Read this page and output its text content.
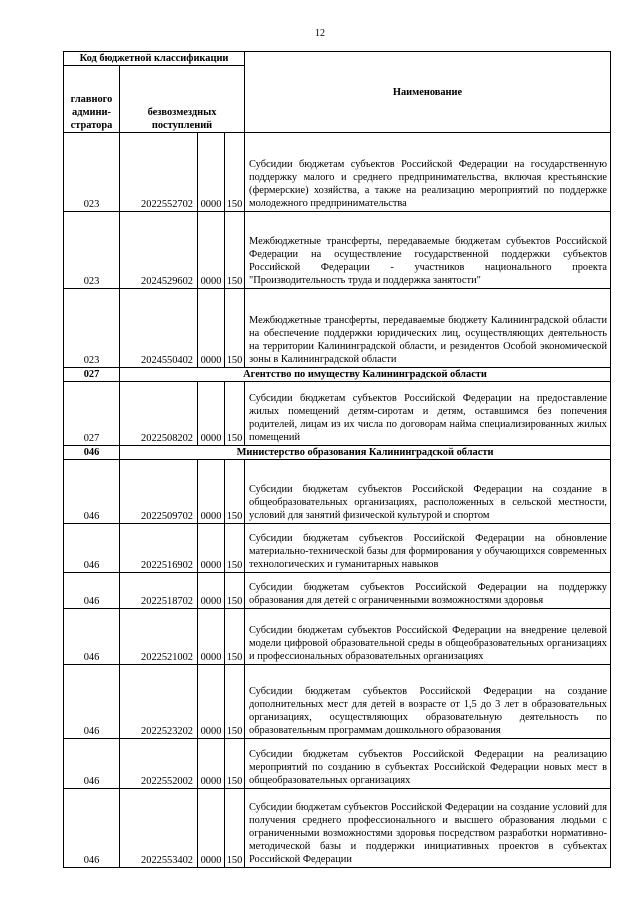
12
Код бюджетной классификации				Наименование
главного админи-стратора	безвозмездных поступлений			
023	2022552702	0000	150	Субсидии бюджетам субъектов Российской Федерации на государственную поддержку малого и среднего предпринимательства, включая крестьянские (фермерские) хозяйства, а также на реализацию мероприятий по поддержке молодежного предпринимательства
023	2024529602	0000	150	Межбюджетные трансферты, передаваемые бюджетам субъектов Российской Федерации на осуществление государственной поддержки субъектов Российской Федерации - участников национального проекта "Производительность труда и поддержка занятости"
023	2024550402	0000	150	Межбюджетные трансферты, передаваемые бюджету Калининградской области на обеспечение поддержки юридических лиц, осуществляющих деятельность на территории Калининградской области, и резидентов Особой экономической зоны в Калининградской области
027	Агентство по имуществу Калининградской области			
027	2022508202	0000	150	Субсидии бюджетам субъектов Российской Федерации на предоставление жилых помещений детям-сиротам и детям, оставшимся без попечения родителей, лицам из их числа по договорам найма специализированных жилых помещений
046	Министерство образования Калининградской области			
046	2022509702	0000	150	Субсидии бюджетам субъектов Российской Федерации на создание в общеобразовательных организациях, расположенных в сельской местности, условий для занятий физической культурой и спортом
046	2022516902	0000	150	Субсидии бюджетам субъектов Российской Федерации на обновление материально-технической базы для формирования у обучающихся современных технологических и гуманитарных навыков
046	2022518702	0000	150	Субсидии бюджетам субъектов Российской Федерации на поддержку образования для детей с ограниченными возможностями здоровья
046	2022521002	0000	150	Субсидии бюджетам субъектов Российской Федерации на внедрение целевой модели цифровой образовательной среды в общеобразовательных организациях и профессиональных образовательных организациях
046	2022523202	0000	150	Субсидии бюджетам субъектов Российской Федерации на создание дополнительных мест для детей в возрасте от 1,5 до 3 лет в образовательных организациях, осуществляющих образовательную деятельность по образовательным программам дошкольного образования
046	2022552002	0000	150	Субсидии бюджетам субъектов Российской Федерации на реализацию мероприятий по созданию в субъектах Российской Федерации новых мест в общеобразовательных организациях
046	2022553402	0000	150	Субсидии бюджетам субъектов Российской Федерации на создание условий для получения среднего профессионального и высшего образования людьми с ограниченными возможностями здоровья посредством разработки нормативно-методической базы и поддержки инициативных проектов в субъектах Российской Федерации
